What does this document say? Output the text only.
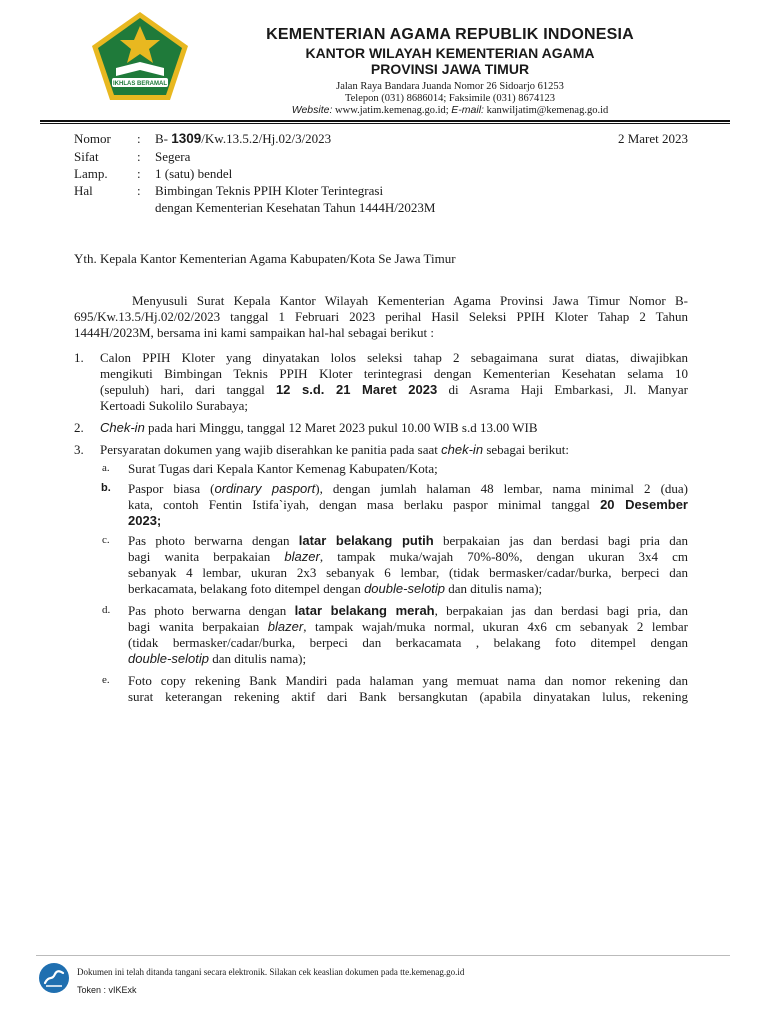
IKHLAS BERAMAL
KEMENTERIAN AGAMA REPUBLIK INDONESIA
KANTOR WILAYAH KEMENTERIAN AGAMA
PROVINSI JAWA TIMUR
Jalan Raya Bandara Juanda Nomor 26 Sidoarjo 61253
Telepon (031) 8686014; Faksimile (031) 8674123
Website: www.jatim.kemenag.go.id; E-mail: kanwiljatim@kemenag.go.id
Nomor : B- 1309/Kw.13.5.2/Hj.02/3/2023	2 Maret 2023
Sifat	: Segera
Lamp. : 1 (satu) bendel
Hal	: Bimbingan Teknis PPIH Kloter Terintegrasi
dengan Kementerian Kesehatan Tahun 1444H/2023M
Yth. Kepala Kantor Kementerian Agama Kabupaten/Kota Se Jawa Timur
Menyusuli Surat Kepala Kantor Wilayah Kementerian Agama Provinsi Jawa Timur Nomor B-
695/Kw.13.5/Hj.02/02/2023 tanggal 1 Februari 2023 perihal Hasil Seleksi PPIH Kloter Tahap 2 Tahun
1444H/2023M, bersama ini kami sampaikan hal-hal sebagai berikut :
1. Calon PPIH Kloter yang dinyatakan lolos seleksi tahap 2 sebagaimana surat diatas, diwajibkan
mengikuti Bimbingan Teknis PPIH Kloter terintegrasi dengan Kementerian Kesehatan selama 10
(sepuluh) hari, dari tanggal 12 s.d. 21 Maret 2023 di Asrama Haji Embarkasi, Jl. Manyar
Kertoadi Sukolilo Surabaya;
2. Chek-in pada hari Minggu, tanggal 12 Maret 2023 pukul 10.00 WIB s.d 13.00 WIB
3. Persyaratan dokumen yang wajib diserahkan ke panitia pada saat chek-in sebagai berikut:
a. Surat Tugas dari Kepala Kantor Kemenag Kabupaten/Kota;
b. Paspor biasa (ordinary pasport), dengan jumlah halaman 48 lembar, nama minimal 2 (dua)
kata, contoh Fentin Istifa`iyah, dengan masa berlaku paspor minimal tanggal 20 Desember
2023;
c. Pas photo berwarna dengan latar belakang putih berpakaian jas dan berdasi bagi pria dan
bagi wanita berpakaian blazer, tampak muka/wajah 70%-80%, dengan ukuran 3x4 cm
sebanyak 4 lembar, ukuran 2x3 sebanyak 6 lembar, (tidak bermasker/cadar/burka, berpeci dan
berkacamata, belakang foto ditempel dengan double-selotip dan ditulis nama);
d. Pas photo berwarna dengan latar belakang merah, berpakaian jas dan berdasi bagi pria, dan
bagi wanita berpakaian blazer, tampak wajah/muka normal, ukuran 4x6 cm sebanyak 2 lembar
(tidak bermasker/cadar/burka, berpeci dan berkacamata , belakang foto ditempel dengan
double-selotip dan ditulis nama);
e. Foto copy rekening Bank Mandiri pada halaman yang memuat nama dan nomor rekening dan
surat keterangan rekening aktif dari Bank bersangkutan (apabila dinyatakan lulus, rekening
Dokumen ini telah ditanda tangani secara elektronik. Silakan cek keaslian dokumen pada tte.kemenag.go.id
Token : vIKExk
